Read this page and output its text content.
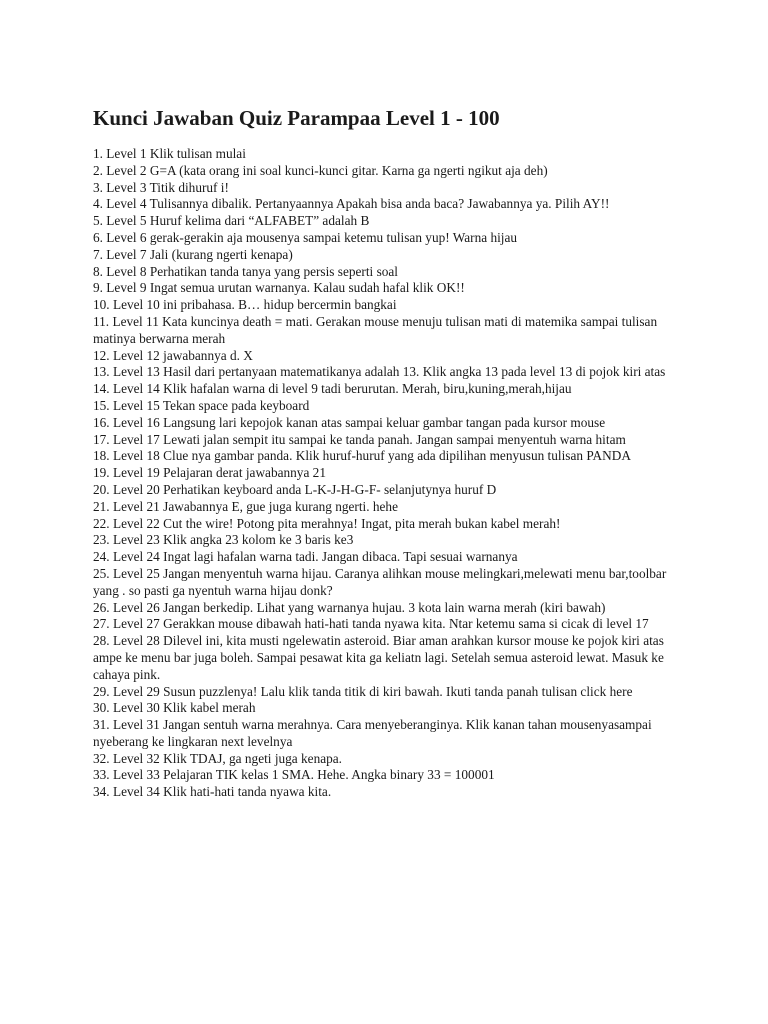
Kunci Jawaban Quiz Parampaa Level 1 - 100
1. Level 1 Klik tulisan mulai
2. Level 2 G=A (kata orang ini soal kunci-kunci gitar. Karna ga ngerti ngikut aja deh)
3. Level 3 Titik dihuruf i!
4. Level 4 Tulisannya dibalik. Pertanyaannya Apakah bisa anda baca? Jawabannya ya. Pilih AY!!
5. Level 5 Huruf kelima dari “ALFABET” adalah B
6. Level 6 gerak-gerakin aja mousenya sampai ketemu tulisan yup! Warna hijau
7. Level 7 Jali (kurang ngerti kenapa)
8. Level 8 Perhatikan tanda tanya yang persis seperti soal
9. Level 9 Ingat semua urutan warnanya. Kalau sudah hafal klik OK!!
10. Level 10 ini pribahasa. B… hidup bercermin bangkai
11. Level 11 Kata kuncinya death = mati. Gerakan mouse menuju tulisan mati di matemika sampai tulisan matinya berwarna merah
12. Level 12 jawabannya d. X
13. Level 13 Hasil dari pertanyaan matematikanya adalah 13. Klik angka 13 pada level 13 di pojok kiri atas
14. Level 14 Klik hafalan warna di level 9 tadi berurutan. Merah, biru,kuning,merah,hijau
15. Level 15 Tekan space pada keyboard
16. Level 16 Langsung lari kepojok kanan atas sampai keluar gambar tangan pada kursor mouse
17. Level 17 Lewati jalan sempit itu sampai ke tanda panah. Jangan sampai menyentuh warna hitam
18. Level 18 Clue nya gambar panda. Klik huruf-huruf yang ada dipilihan menyusun tulisan PANDA
19. Level 19 Pelajaran derat jawabannya 21
20. Level 20 Perhatikan keyboard anda L-K-J-H-G-F- selanjutynya huruf D
21. Level 21 Jawabannya E, gue juga kurang ngerti. hehe
22. Level 22 Cut the wire! Potong pita merahnya! Ingat, pita merah bukan kabel merah!
23. Level 23 Klik angka 23 kolom ke 3 baris ke3
24. Level 24 Ingat lagi hafalan warna tadi. Jangan dibaca. Tapi sesuai warnanya
25. Level 25 Jangan menyentuh warna hijau. Caranya alihkan mouse melingkari,melewati menu bar,toolbar yang . so pasti ga nyentuh warna hijau donk?
26. Level 26 Jangan berkedip. Lihat yang warnanya hujau. 3 kota lain warna merah (kiri bawah)
27. Level 27 Gerakkan mouse dibawah hati-hati tanda nyawa kita. Ntar ketemu sama si cicak di level 17
28. Level 28 Dilevel ini, kita musti ngelewatin asteroid. Biar aman arahkan kursor mouse ke pojok kiri atas ampe ke menu bar juga boleh. Sampai pesawat kita ga keliatn lagi. Setelah semua asteroid lewat. Masuk ke cahaya pink.
29. Level 29 Susun puzzlenya! Lalu klik tanda titik di kiri bawah. Ikuti tanda panah tulisan click here
30. Level 30 Klik kabel merah
31. Level 31 Jangan sentuh warna merahnya. Cara menyeberanginya. Klik kanan tahan mousenyasampai nyeberang ke lingkaran next levelnya
32. Level 32 Klik TDAJ, ga ngeti juga kenapa.
33. Level 33 Pelajaran TIK kelas 1 SMA. Hehe. Angka binary 33 = 100001
34. Level 34 Klik hati-hati tanda nyawa kita.
